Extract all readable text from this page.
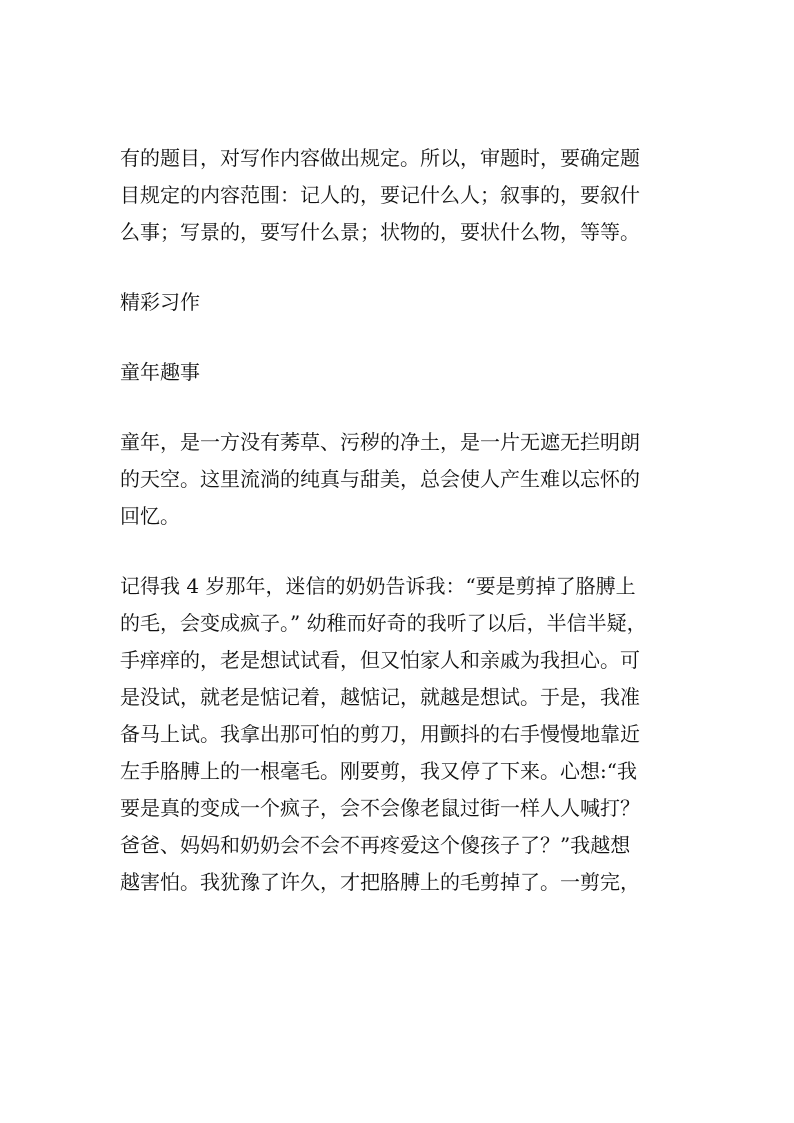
有的题目，对写作内容做出规定。所以，审题时，要确定题
目规定的内容范围：记人的，要记什么人；叙事的，要叙什
么事；写景的，要写什么景；状物的，要状什么物，等等。

精彩习作

童年趣事

童年，是一方没有莠草、污秽的净土，是一片无遮无拦明朗
的天空。这里流淌的纯真与甜美，总会使人产生难以忘怀的
回忆。

记得我 4 岁那年，迷信的奶奶告诉我：“要是剪掉了胳膊上
的毛，会变成疯子。” 幼稚而好奇的我听了以后，半信半疑，
手痒痒的，老是想试试看，但又怕家人和亲戚为我担心。可
是没试，就老是惦记着，越惦记，就越是想试。于是，我准
备马上试。我拿出那可怕的剪刀，用颤抖的右手慢慢地靠近
左手胳膊上的一根毫毛。刚要剪，我又停了下来。心想:“我
要是真的变成一个疯子，会不会像老鼠过街一样人人喊打？
爸爸、妈妈和奶奶会不会不再疼爱这个傻孩子了？”我越想
越害怕。我犹豫了许久，才把胳膊上的毛剪掉了。一剪完，
